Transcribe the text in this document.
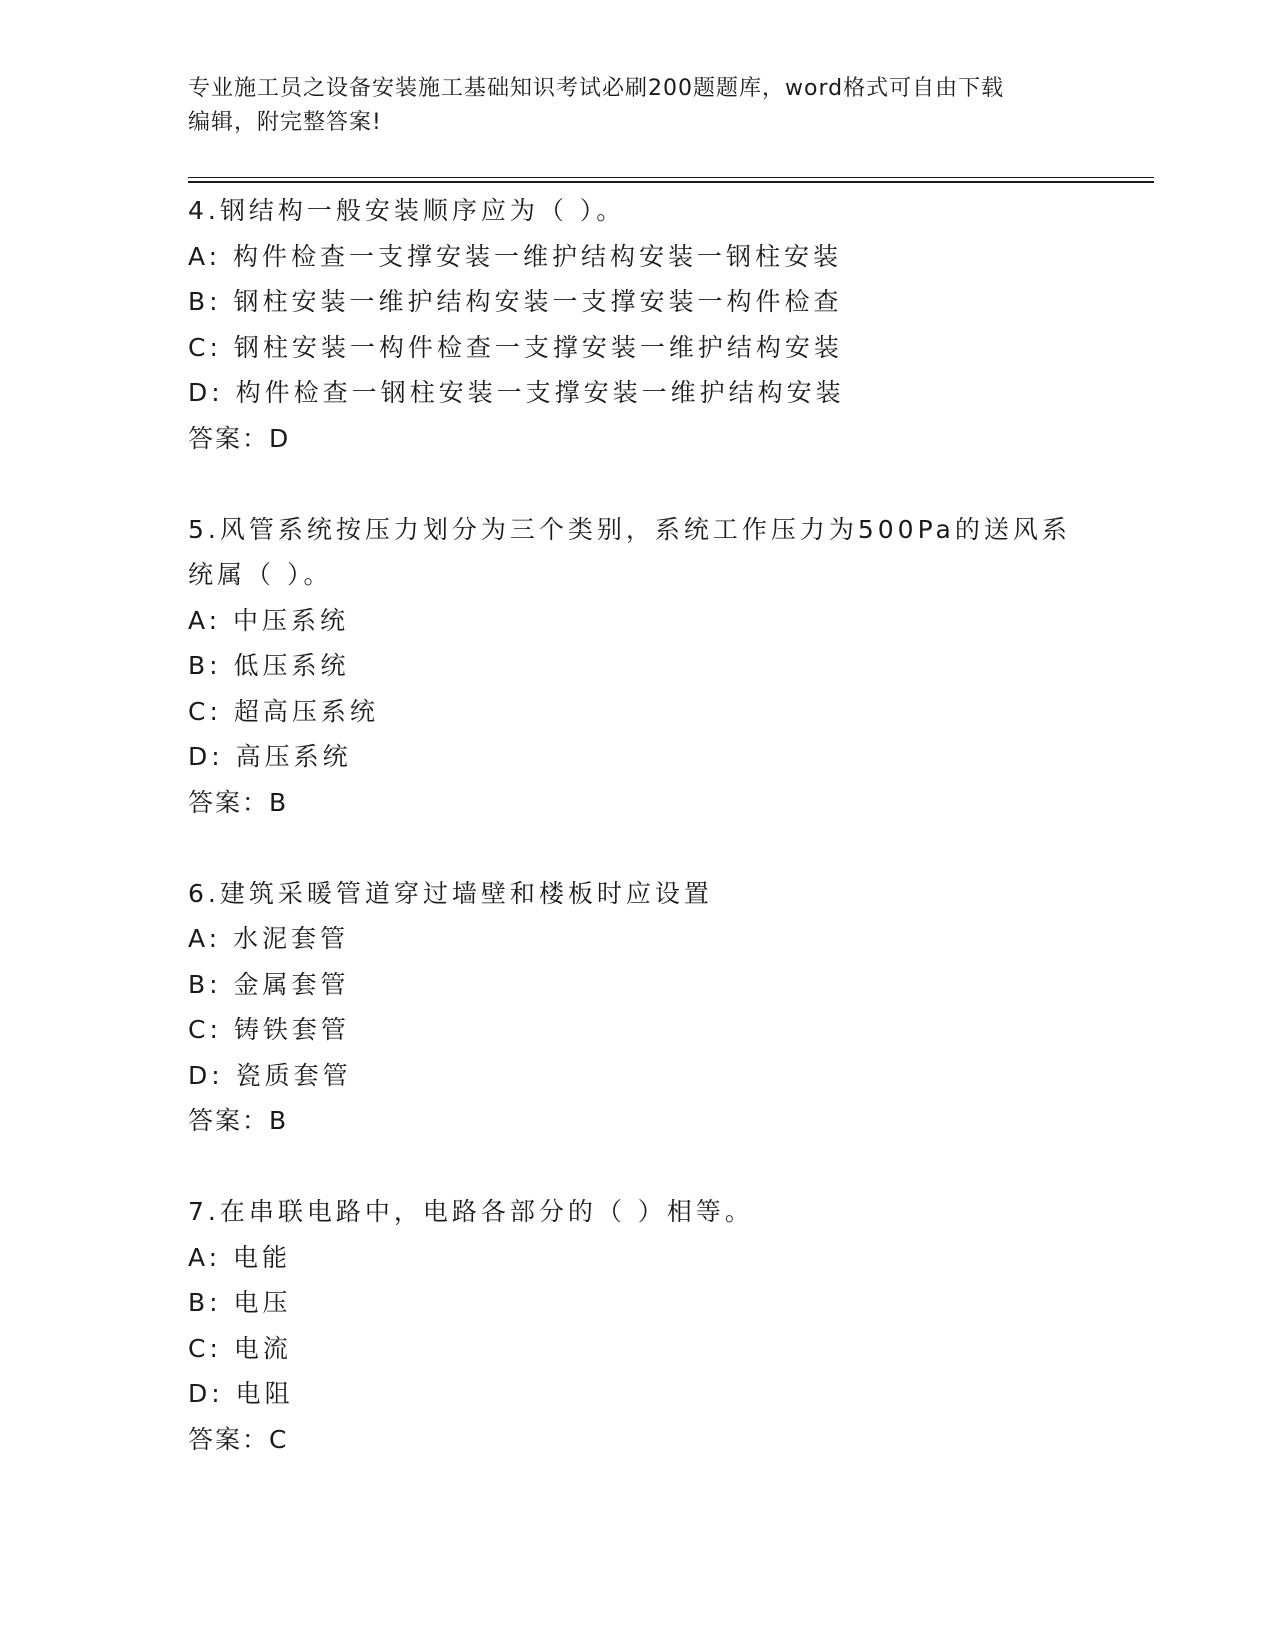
专业施工员之设备安装施工基础知识考试必刷200题题库，word格式可自由下载
编辑，附完整答案!
4.钢结构一般安装顺序应为（ ）。
A: 构件检查一支撑安装一维护结构安装一钢柱安装
B: 钢柱安装一维护结构安装一支撑安装一构件检查
C: 钢柱安装一构件检查一支撑安装一维护结构安装
D: 构件检查一钢柱安装一支撑安装一维护结构安装
答案：D
5.风管系统按压力划分为三个类别，系统工作压力为500Pa的送风系
统属（ ）。
A: 中压系统
B: 低压系统
C: 超高压系统
D: 高压系统
答案：B
6.建筑采暖管道穿过墙壁和楼板时应设置
A: 水泥套管
B: 金属套管
C: 铸铁套管
D: 瓷质套管
答案：B
7.在串联电路中，电路各部分的（ ）相等。
A: 电能
B: 电压
C: 电流
D: 电阻
答案：C
